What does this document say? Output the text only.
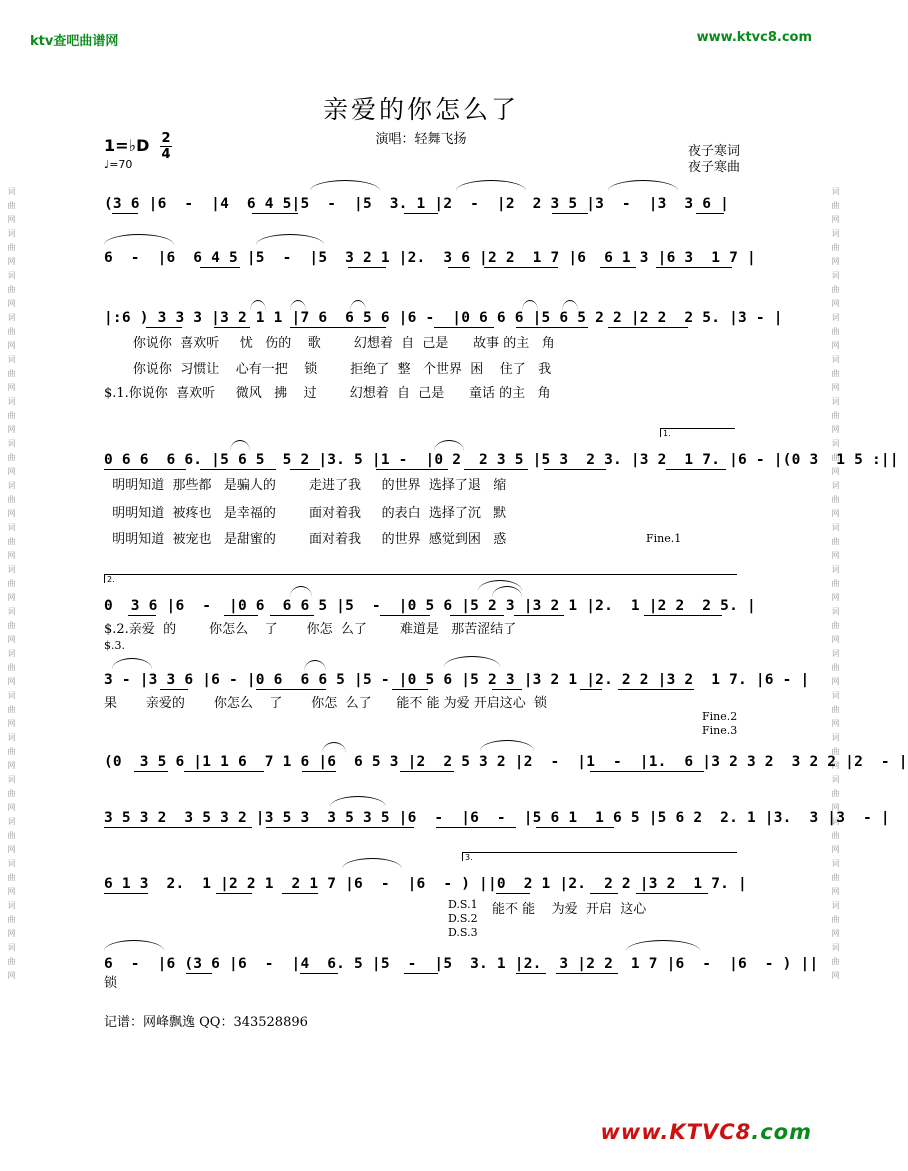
词曲网词曲网词曲网词曲网词曲网词曲网词曲网词曲网词曲网词曲网词曲网词曲网词曲网词曲网词曲网词曲网词曲网词曲网词曲网	词曲网词曲网词曲网词曲网词曲网词曲网词曲网词曲网词曲网词曲网词曲网词曲网词曲网词曲网词曲网词曲网词曲网词曲网词曲网
ktv查吧曲谱网	www.ktvc8.com
亲爱的你怎么了
演唱：轻舞飞扬
1=♭D 2
4
♩=70
夜子寒词
夜子寒曲
(3 6 |6  -  |4  6 4 5|5  -  |5  3. 1 |2  -  |2  2 3 5 |3  -  |3  3 6 |
6  -  |6  6 4 5 |5  -  |5  3 2 1 |2.  3 6 |2 2  1 7 |6  6 1 3 |6 3  1 7 |
|:6 ) 3 3 3 |3 2 1 1 |7 6  6 5 6 |6 -  |0 6 6 6 |5 6 5 2 2 |2 2  2 5. |3 - |
你说你  喜欢听     忧   伤的    歌        幻想着  自  己是      故事 的主   角
你说你  习惯让    心有一把    锁        拒绝了  整   个世界  困    住了   我
$.1.你说你  喜欢听     微风   拂    过        幻想着  自  己是      童话 的主   角
1.
0 6 6  6 6. |5 6 5  5 2 |3. 5 |1 -  |0 2  2 3 5 |5 3  2 3. |3 2  1 7. |6 - |(0 3  1 5 :||
明明知道  那些都   是骗人的        走进了我     的世界  选择了退   缩
明明知道  被疼也   是幸福的        面对着我     的表白  选择了沉   默
明明知道  被宠也   是甜蜜的        面对着我     的世界  感觉到困   惑	Fine.1
2.
0  3 6 |6  -  |0 6  6 6 5 |5  -  |0 5 6 |5 2 3 |3 2 1 |2.  1 |2 2  2 5. |
$.2.亲爱  的        你怎么    了       你怎  么了        难道是   那苦涩结了
$.3.
3 - |3 3 6 |6 - |0 6  6 6 5 |5 - |0 5 6 |5 2 3 |3 2 1 |2. 2 2 |3 2  1 7. |6 - |
果       亲爱的       你怎么    了       你怎  么了      能不 能 为爱 开启这心  锁
Fine.2
Fine.3
(0  3 5 6 |1 1 6  7 1 6 |6  6 5 3 |2  2 5 3 2 |2  -  |1  -  |1.  6 |3 2 3 2  3 2 2 |2  - |
3 5 3 2  3 5 3 2 |3 5 3  3 5 3 5 |6  -  |6  -  |5 6 1  1 6 5 |5 6 2  2. 1 |3.  3 |3  - |
3.
6 1 3  2.  1 |2 2 1  2 1 7 |6  -  |6  - ) ||0  2 1 |2.  2 2 |3 2  1 7. |
D.S.1
D.S.2
D.S.3
能不 能    为爱  开启  这心
6  -  |6 (3 6 |6  -  |4  6. 5 |5  -  |5  3. 1 |2.  3 |2 2  1 7 |6  -  |6  - ) ||
锁
记谱：网峰飘逸 QQ：343528896
www.KTVC8.com
